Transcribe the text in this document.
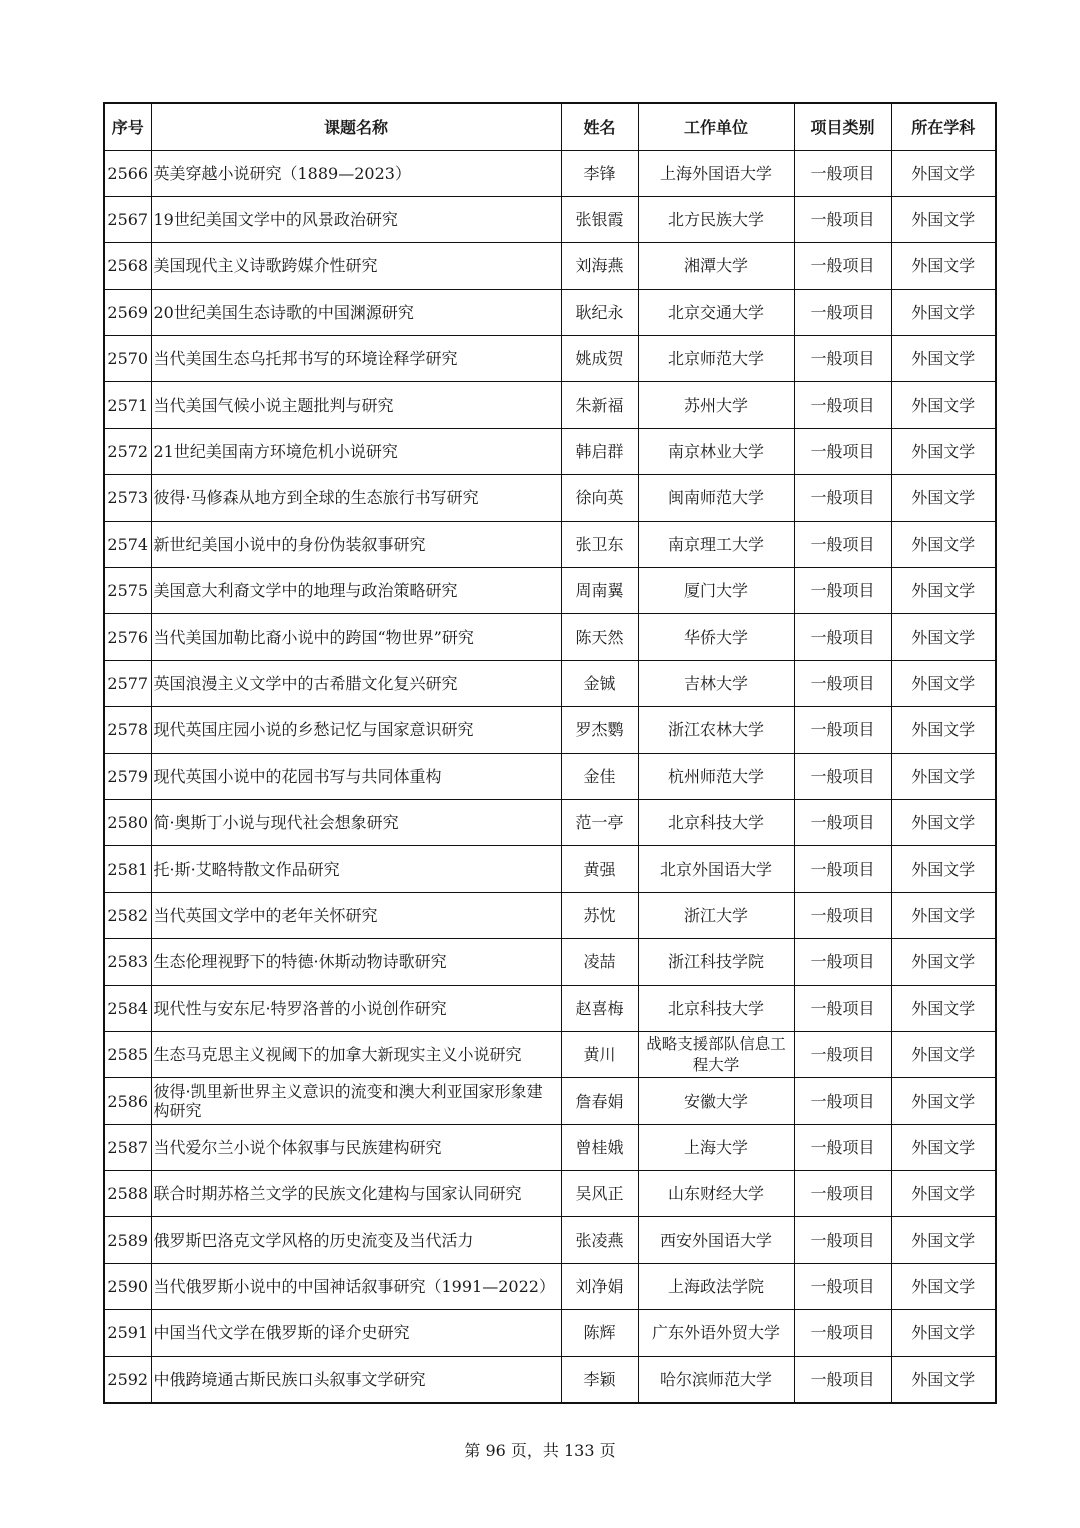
序号	课题名称	姓名	工作单位	项目类别	所在学科
2566	英美穿越小说研究（1889—2023）	李锋	上海外国语大学	一般项目	外国文学
2567	19世纪美国文学中的风景政治研究	张银霞	北方民族大学	一般项目	外国文学
2568	美国现代主义诗歌跨媒介性研究	刘海燕	湘潭大学	一般项目	外国文学
2569	20世纪美国生态诗歌的中国渊源研究	耿纪永	北京交通大学	一般项目	外国文学
2570	当代美国生态乌托邦书写的环境诠释学研究	姚成贺	北京师范大学	一般项目	外国文学
2571	当代美国气候小说主题批判与研究	朱新福	苏州大学	一般项目	外国文学
2572	21世纪美国南方环境危机小说研究	韩启群	南京林业大学	一般项目	外国文学
2573	彼得·马修森从地方到全球的生态旅行书写研究	徐向英	闽南师范大学	一般项目	外国文学
2574	新世纪美国小说中的身份伪装叙事研究	张卫东	南京理工大学	一般项目	外国文学
2575	美国意大利裔文学中的地理与政治策略研究	周南翼	厦门大学	一般项目	外国文学
2576	当代美国加勒比裔小说中的跨国“物世界”研究	陈天然	华侨大学	一般项目	外国文学
2577	英国浪漫主义文学中的古希腊文化复兴研究	金铖	吉林大学	一般项目	外国文学
2578	现代英国庄园小说的乡愁记忆与国家意识研究	罗杰鹦	浙江农林大学	一般项目	外国文学
2579	现代英国小说中的花园书写与共同体重构	金佳	杭州师范大学	一般项目	外国文学
2580	简·奥斯丁小说与现代社会想象研究	范一亭	北京科技大学	一般项目	外国文学
2581	托·斯·艾略特散文作品研究	黄强	北京外国语大学	一般项目	外国文学
2582	当代英国文学中的老年关怀研究	苏忱	浙江大学	一般项目	外国文学
2583	生态伦理视野下的特德·休斯动物诗歌研究	凌喆	浙江科技学院	一般项目	外国文学
2584	现代性与安东尼·特罗洛普的小说创作研究	赵喜梅	北京科技大学	一般项目	外国文学
2585	生态马克思主义视阈下的加拿大新现实主义小说研究	黄川	战略支援部队信息工程大学	一般项目	外国文学
2586	彼得·凯里新世界主义意识的流变和澳大利亚国家形象建构研究	詹春娟	安徽大学	一般项目	外国文学
2587	当代爱尔兰小说个体叙事与民族建构研究	曾桂娥	上海大学	一般项目	外国文学
2588	联合时期苏格兰文学的民族文化建构与国家认同研究	吴风正	山东财经大学	一般项目	外国文学
2589	俄罗斯巴洛克文学风格的历史流变及当代活力	张凌燕	西安外国语大学	一般项目	外国文学
2590	当代俄罗斯小说中的中国神话叙事研究（1991—2022）	刘净娟	上海政法学院	一般项目	外国文学
2591	中国当代文学在俄罗斯的译介史研究	陈辉	广东外语外贸大学	一般项目	外国文学
2592	中俄跨境通古斯民族口头叙事文学研究	李颖	哈尔滨师范大学	一般项目	外国文学
第 96 页，共 133 页
